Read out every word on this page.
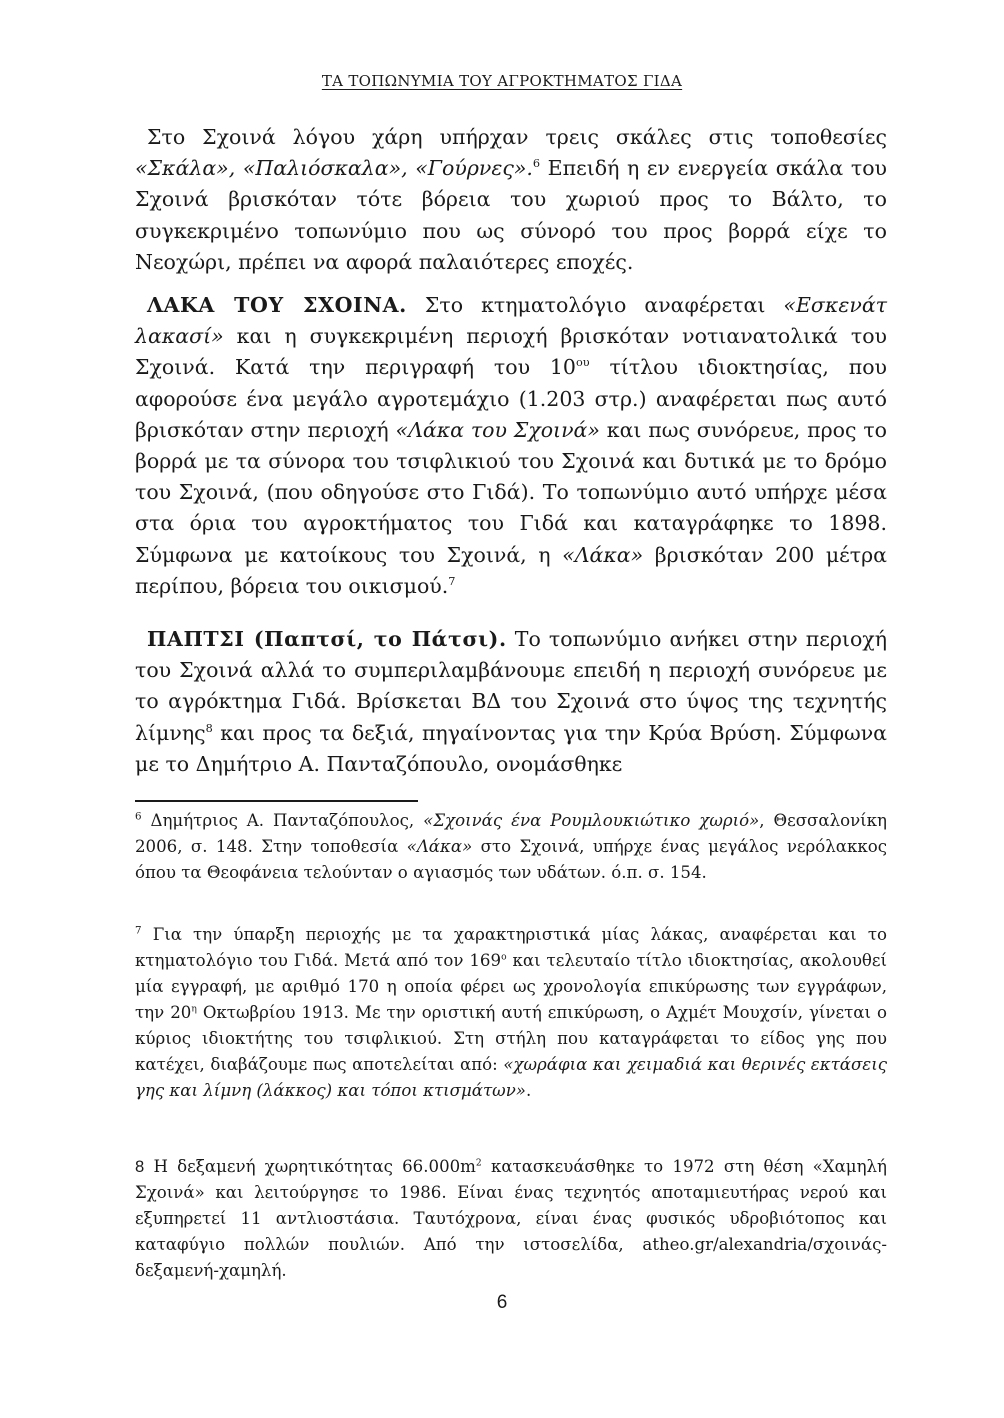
ΤΑ ΤΟΠΩΝΥΜΙΑ ΤΟΥ ΑΓΡΟΚΤΗΜΑΤΟΣ ΓΙΔΑ

Στο Σχοινά λόγου χάρη υπήρχαν τρεις σκάλες στις τοποθεσίες «Σκάλα», «Παλιόσκαλα», «Γούρνες».$^6$ Επειδή η εν ενεργεία σκάλα του Σχοινά βρισκόταν τότε βόρεια του χωριού προς το Βάλτο, το συγκεκριμένο τοπωνύμιο που ως σύνορό του προς βορρά είχε το Νεοχώρι, πρέπει να αφορά παλαιότερες εποχές.

ΛΑΚΑ ΤΟΥ ΣΧΟΙΝΑ. Στο κτηματολόγιο αναφέρεται «Εσκενάτ λακασί» και η συγκεκριμένη περιοχή βρισκόταν νοτιανατολικά του Σχοινά. Κατά την περιγραφή του $10^{o\upsilon}$ τίτλου ιδιοκτησίας, που αφορούσε ένα μεγάλο αγροτεμάχιο (1.203 στρ.) αναφέρεται πως αυτό βρισκόταν στην περιοχή «Λάκα του Σχοινά» και πως συνόρευε, προς το βορρά με τα σύνορα του τσιφλικιού του Σχοινά και δυτικά με το δρόμο του Σχοινά, (που οδηγούσε στο Γιδά). Το τοπωνύμιο αυτό υπήρχε μέσα στα όρια του αγροκτήματος του Γιδά και καταγράφηκε το 1898. Σύμφωνα με κατοίκους του Σχοινά, η «Λάκα» βρισκόταν 200 μέτρα περίπου, βόρεια του οικισμού.$^7$

ΠΑΠΤΣΙ (Παπτσί, το Πάτσι). Το τοπωνύμιο ανήκει στην περιοχή του Σχοινά αλλά το συμπεριλαμβάνουμε επειδή η περιοχή συνόρευε με το αγρόκτημα Γιδά. Βρίσκεται ΒΔ του Σχοινά στο ύψος της τεχνητής λίμνης$^8$ και προς τα δεξιά, πηγαίνοντας για την Κρύα Βρύση. Σύμφωνα με το Δημήτριο Α. Πανταζόπουλο, ονομάσθηκε

$^6$ Δημήτριος Α. Πανταζόπουλος, «Σχοινάς ένα Ρουμλουκιώτικο χωριό», Θεσσαλονίκη 2006, σ. 148. Στην τοποθεσία «Λάκα» στο Σχοινά, υπήρχε ένας μεγάλος νερόλακκος όπου τα Θεοφάνεια τελούνταν ο αγιασμός των υδάτων. ό.π. σ. 154.

$^7$ Για την ύπαρξη περιοχής με τα χαρακτηριστικά μίας λάκας, αναφέρεται και το κτηματολόγιο του Γιδά. Μετά από τον $169^o$ και τελευταίο τίτλο ιδιοκτησίας, ακολουθεί μία εγγραφή, με αριθμό 170 η οποία φέρει ως χρονολογία επικύρωσης των εγγράφων, την $20^\eta$ Οκτωβρίου 1913. Με την οριστική αυτή επικύρωση, ο Αχμέτ Μουχσίν, γίνεται ο κύριος ιδιοκτήτης του τσιφλικιού. Στη στήλη που καταγράφεται το είδος γης που κατέχει, διαβάζουμε πως αποτελείται από: «χωράφια και χειμαδιά και θερινές εκτάσεις γης και λίμνη (λάκκος) και τόποι κτισμάτων».

8 Η δεξαμενή χωρητικότητας $66.000m^2$ κατασκευάσθηκε το 1972 στη θέση «Χαμηλή Σχοινά» και λειτούργησε το 1986. Είναι ένας τεχνητός αποταμιευτήρας νερού και εξυπηρετεί 11 αντλιοστάσια. Ταυτόχρονα, είναι ένας φυσικός υδροβιότοπος και καταφύγιο πολλών πουλιών. Από την ιστοσελίδα, atheo.gr/alexandria/σχοινάς-δεξαμενή-χαμηλή.

6
